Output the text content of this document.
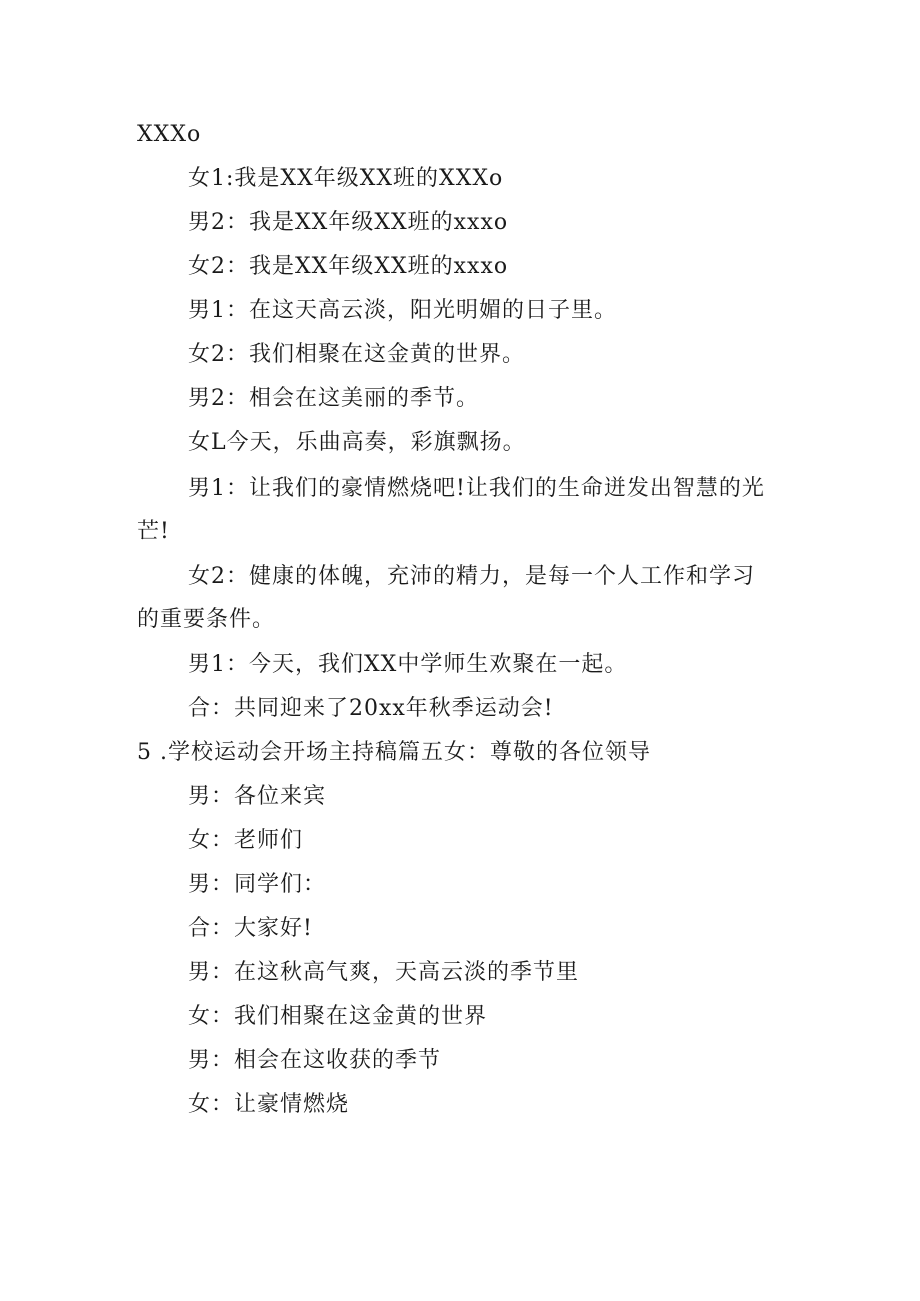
XXXo
女1:我是XX年级XX班的XXXo
男2：我是XX年级XX班的xxxo
女2：我是XX年级XX班的xxxo
男1：在这天高云淡，阳光明媚的日子里。
女2：我们相聚在这金黄的世界。
男2：相会在这美丽的季节。
女L今天，乐曲高奏，彩旗飘扬。
男1：让我们的豪情燃烧吧!让我们的生命迸发出智慧的光
芒!
女2：健康的体魄，充沛的精力，是每一个人工作和学习
的重要条件。
男1：今天，我们XX中学师生欢聚在一起。
合：共同迎来了20xx年秋季运动会!
5 .学校运动会开场主持稿篇五女：尊敬的各位领导
男：各位来宾
女：老师们
男：同学们：
合：大家好!
男：在这秋高气爽，天高云淡的季节里
女：我们相聚在这金黄的世界
男：相会在这收获的季节
女：让豪情燃烧
